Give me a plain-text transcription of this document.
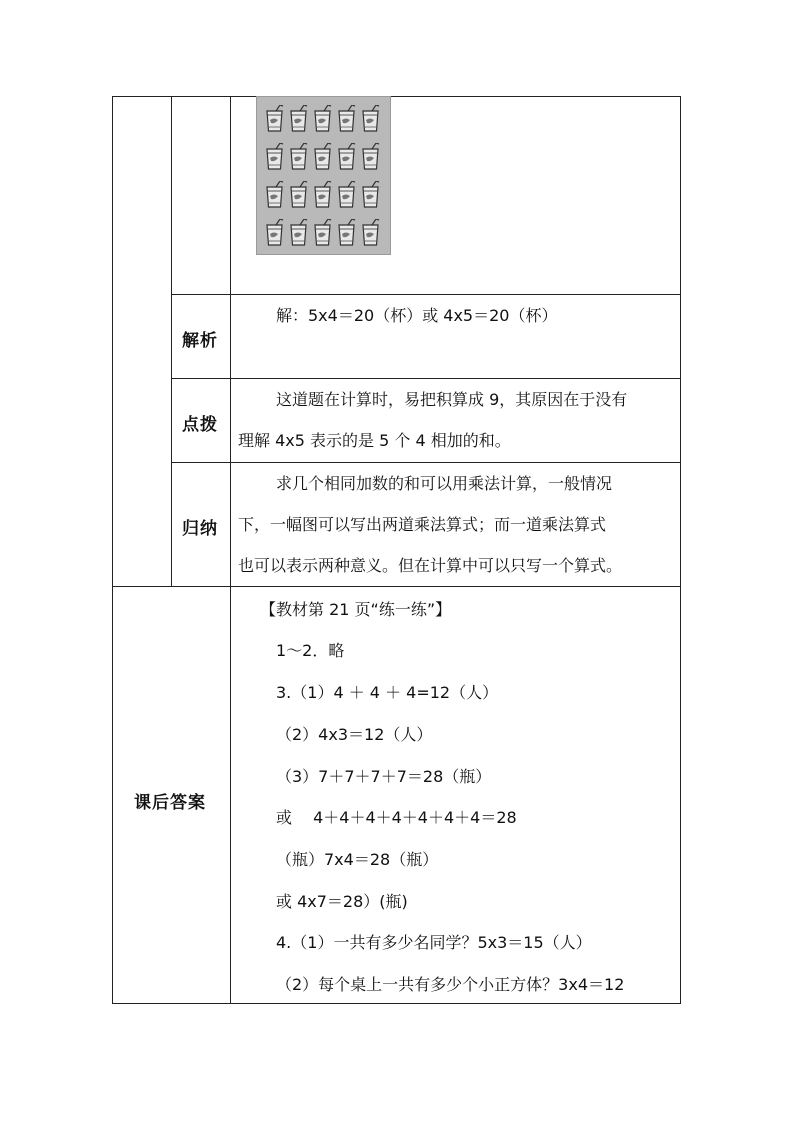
解析
解：5x4＝20（杯）或 4x5＝20（杯）
点拨
这道题在计算时，易把积算成 9，其原因在于没有
理解 4x5 表示的是 5 个 4 相加的和。
归纳
求几个相同加数的和可以用乘法计算，一般情况
下，一幅图可以写出两道乘法算式；而一道乘法算式
也可以表示两种意义。但在计算中可以只写一个算式。
课后答案
【教材第 21 页“练一练”】
1～2．略
3.（1）4 ＋ 4 ＋ 4=12（人）
（2）4x3＝12（人）
（3）7＋7＋7＋7＝28（瓶）
或　 4＋4＋4＋4＋4＋4＋4＝28
（瓶）7x4＝28（瓶）
或 4x7＝28）(瓶)
4.（1）一共有多少名同学？5x3＝15（人）
（2）每个桌上一共有多少个小正方体？3x4＝12
